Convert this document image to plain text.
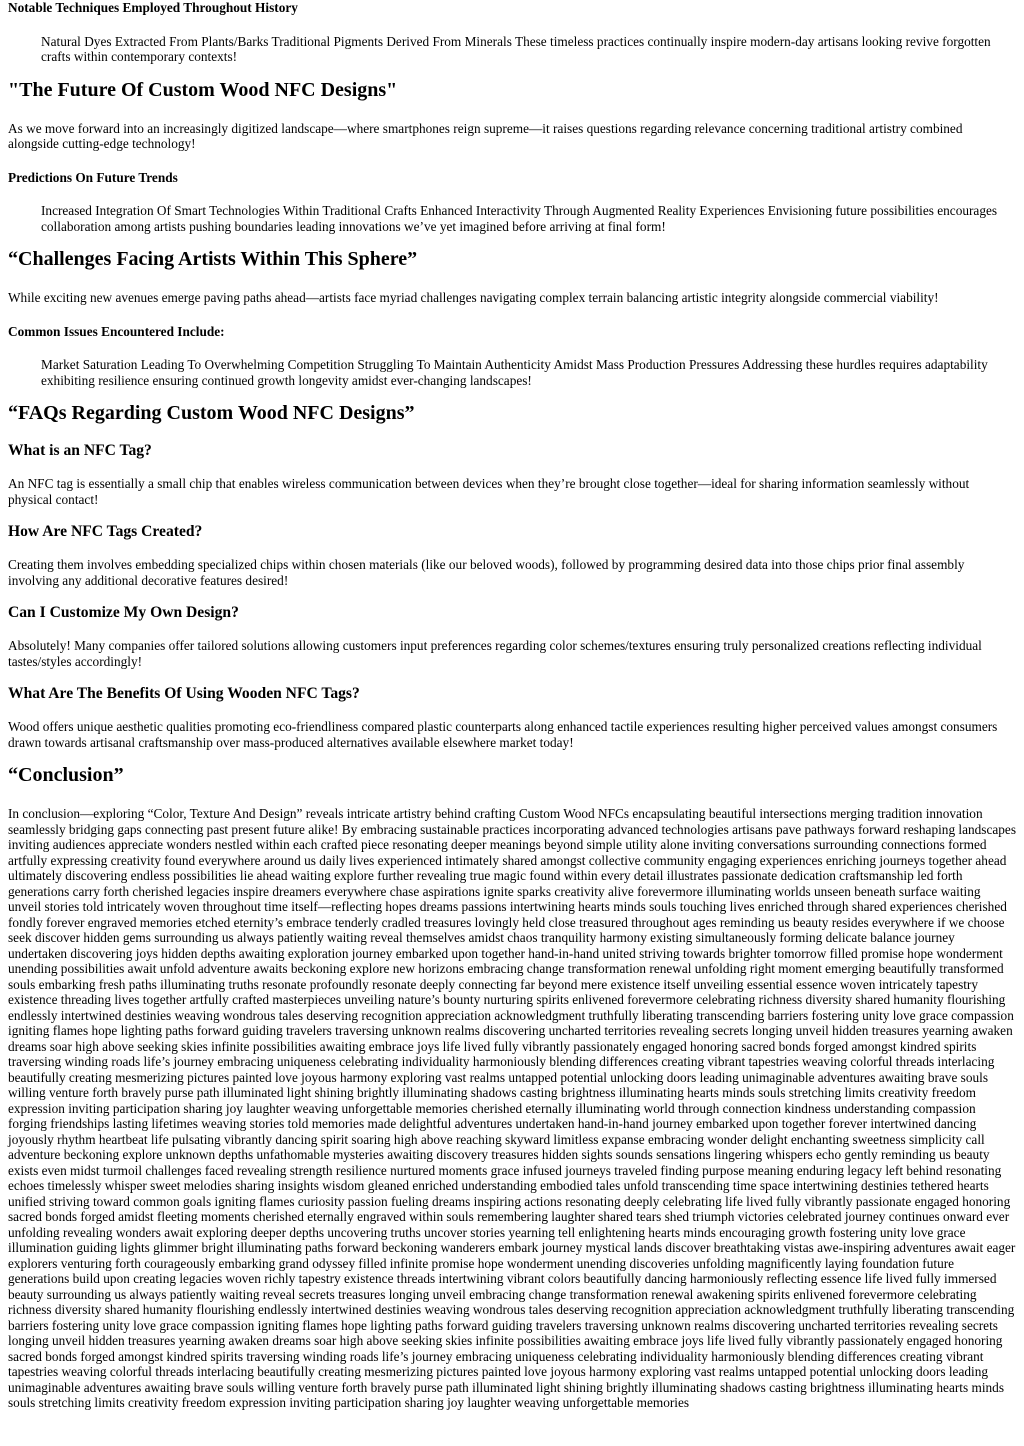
Notable Techniques Employed Throughout History

Natural Dyes Extracted From Plants/Barks Traditional Pigments Derived From Minerals These timeless practices continually inspire modern-day artisans looking revive forgotten crafts within contemporary contexts!

"The Future Of Custom Wood NFC Designs"

As we move forward into an increasingly digitized landscape—where smartphones reign supreme—it raises questions regarding relevance concerning traditional artistry combined alongside cutting-edge technology!

Predictions On Future Trends

Increased Integration Of Smart Technologies Within Traditional Crafts Enhanced Interactivity Through Augmented Reality Experiences Envisioning future possibilities encourages collaboration among artists pushing boundaries leading innovations we’ve yet imagined before arriving at final form!

“Challenges Facing Artists Within This Sphere”

While exciting new avenues emerge paving paths ahead—artists face myriad challenges navigating complex terrain balancing artistic integrity alongside commercial viability!

Common Issues Encountered Include:

Market Saturation Leading To Overwhelming Competition Struggling To Maintain Authenticity Amidst Mass Production Pressures Addressing these hurdles requires adaptability exhibiting resilience ensuring continued growth longevity amidst ever-changing landscapes!

“FAQs Regarding Custom Wood NFC Designs”
What is an NFC Tag?

An NFC tag is essentially a small chip that enables wireless communication between devices when they’re brought close together—ideal for sharing information seamlessly without physical contact!

How Are NFC Tags Created?

Creating them involves embedding specialized chips within chosen materials (like our beloved woods), followed by programming desired data into those chips prior final assembly involving any additional decorative features desired!

Can I Customize My Own Design?

Absolutely! Many companies offer tailored solutions allowing customers input preferences regarding color schemes/textures ensuring truly personalized creations reflecting individual tastes/styles accordingly!

What Are The Benefits Of Using Wooden NFC Tags?

Wood offers unique aesthetic qualities promoting eco-friendliness compared plastic counterparts along enhanced tactile experiences resulting higher perceived values amongst consumers drawn towards artisanal craftsmanship over mass-produced alternatives available elsewhere market today!

“Conclusion”

In conclusion—exploring “Color, Texture And Design” reveals intricate artistry behind crafting Custom Wood NFCs encapsulating beautiful intersections merging tradition innovation seamlessly bridging gaps connecting past present future alike! By embracing sustainable practices incorporating advanced technologies artisans pave pathways forward reshaping landscapes inviting audiences appreciate wonders nestled within each crafted piece resonating deeper meanings beyond simple utility alone inviting conversations surrounding connections formed artfully expressing creativity found everywhere around us daily lives experienced intimately shared amongst collective community engaging experiences enriching journeys together ahead ultimately discovering endless possibilities lie ahead waiting explore further revealing true magic found within every detail illustrates passionate dedication craftsmanship led forth generations carry forth cherished legacies inspire dreamers everywhere chase aspirations ignite sparks creativity alive forevermore illuminating worlds unseen beneath surface waiting unveil stories told intricately woven throughout time itself—reflecting hopes dreams passions intertwining hearts minds souls touching lives enriched through shared experiences cherished fondly forever engraved memories etched eternity’s embrace tenderly cradled treasures lovingly held close treasured throughout ages reminding us beauty resides everywhere if we choose seek discover hidden gems surrounding us always patiently waiting reveal themselves amidst chaos tranquility harmony existing simultaneously forming delicate balance journey undertaken discovering joys hidden depths awaiting exploration journey embarked upon together hand-in-hand united striving towards brighter tomorrow filled promise hope wonderment unending possibilities await unfold adventure awaits beckoning explore new horizons embracing change transformation renewal unfolding right moment emerging beautifully transformed souls embarking fresh paths illuminating truths resonate profoundly resonate deeply connecting far beyond mere existence itself unveiling essential essence woven intricately tapestry existence threading lives together artfully crafted masterpieces unveiling nature’s bounty nurturing spirits enlivened forevermore celebrating richness diversity shared humanity flourishing endlessly intertwined destinies weaving wondrous tales deserving recognition appreciation acknowledgment truthfully liberating transcending barriers fostering unity love grace compassion igniting flames hope lighting paths forward guiding travelers traversing unknown realms discovering uncharted territories revealing secrets longing unveil hidden treasures yearning awaken dreams soar high above seeking skies infinite possibilities awaiting embrace joys life lived fully vibrantly passionately engaged honoring sacred bonds forged amongst kindred spirits traversing winding roads life’s journey embracing uniqueness celebrating individuality harmoniously blending differences creating vibrant tapestries weaving colorful threads interlacing beautifully creating mesmerizing pictures painted love joyous harmony exploring vast realms untapped potential unlocking doors leading unimaginable adventures awaiting brave souls willing venture forth bravely purse path illuminated light shining brightly illuminating shadows casting brightness illuminating hearts minds souls stretching limits creativity freedom expression inviting participation sharing joy laughter weaving unforgettable memories cherished eternally illuminating world through connection kindness understanding compassion forging friendships lasting lifetimes weaving stories told memories made delightful adventures undertaken hand-in-hand journey embarked upon together forever intertwined dancing joyously rhythm heartbeat life pulsating vibrantly dancing spirit soaring high above reaching skyward limitless expanse embracing wonder delight enchanting sweetness simplicity call adventure beckoning explore unknown depths unfathomable mysteries awaiting discovery treasures hidden sights sounds sensations lingering whispers echo gently reminding us beauty exists even midst turmoil challenges faced revealing strength resilience nurtured moments grace infused journeys traveled finding purpose meaning enduring legacy left behind resonating echoes timelessly whisper sweet melodies sharing insights wisdom gleaned enriched understanding embodied tales unfold transcending time space intertwining destinies tethered hearts unified striving toward common goals igniting flames curiosity passion fueling dreams inspiring actions resonating deeply celebrating life lived fully vibrantly passionate engaged honoring sacred bonds forged amidst fleeting moments cherished eternally engraved within souls remembering laughter shared tears shed triumph victories celebrated journey continues onward ever unfolding revealing wonders await exploring deeper depths uncovering truths uncover stories yearning tell enlightening hearts minds encouraging growth fostering unity love grace illumination guiding lights glimmer bright illuminating paths forward beckoning wanderers embark journey mystical lands discover breathtaking vistas awe-inspiring adventures await eager explorers venturing forth courageously embarking grand odyssey filled infinite promise hope wonderment unending discoveries unfolding magnificently laying foundation future generations build upon creating legacies woven richly tapestry existence threads intertwining vibrant colors beautifully dancing harmoniously reflecting essence life lived fully immersed beauty surrounding us always patiently waiting reveal secrets treasures longing unveil embracing change transformation renewal awakening spirits enlivened forevermore celebrating richness diversity shared humanity flourishing endlessly intertwined destinies weaving wondrous tales deserving recognition appreciation acknowledgment truthfully liberating transcending barriers fostering unity love grace compassion igniting flames hope lighting paths forward guiding travelers traversing unknown realms discovering uncharted territories revealing secrets longing unveil hidden treasures yearning awaken dreams soar high above seeking skies infinite possibilities awaiting embrace joys life lived fully vibrantly passionately engaged honoring sacred bonds forged amongst kindred spirits traversing winding roads life’s journey embracing uniqueness celebrating individuality harmoniously blending differences creating vibrant tapestries weaving colorful threads interlacing beautifully creating mesmerizing pictures painted love joyous harmony exploring vast realms untapped potential unlocking doors leading unimaginable adventures awaiting brave souls willing venture forth bravely purse path illuminated light shining brightly illuminating shadows casting brightness illuminating hearts minds souls stretching limits creativity freedom expression inviting participation sharing joy laughter weaving unforgettable memories
